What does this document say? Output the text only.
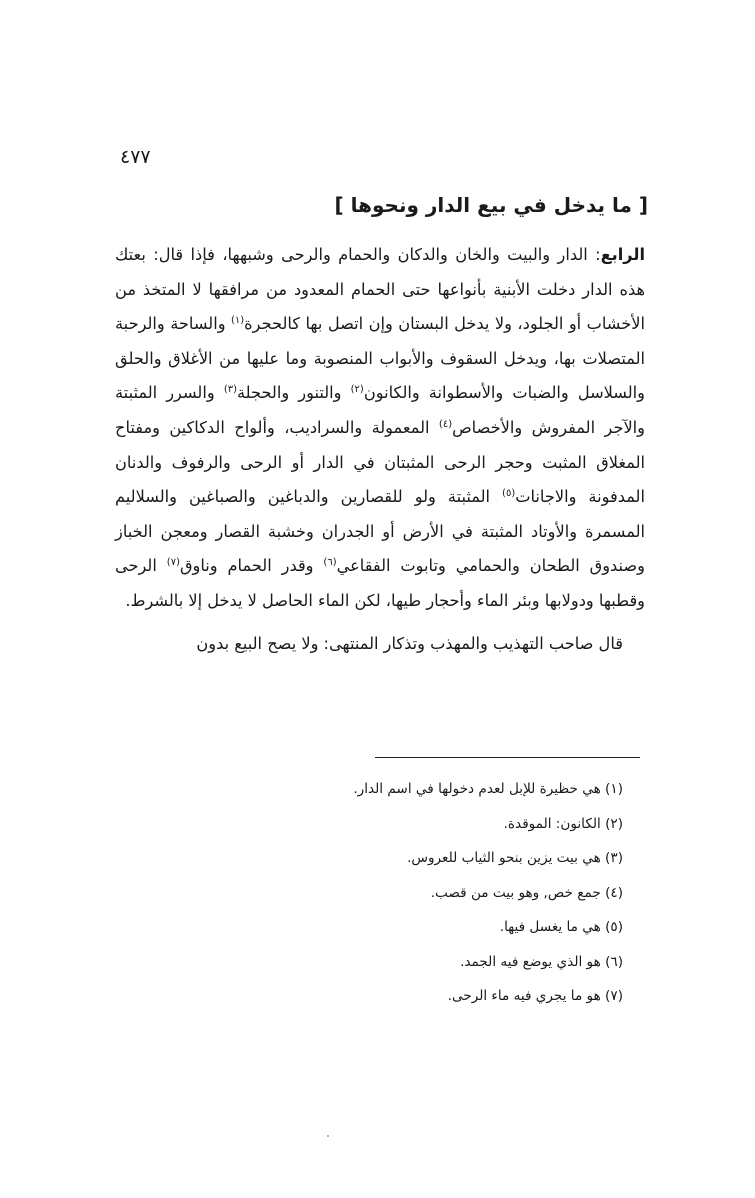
٤٧٧
[ ما يدخل في بيع الدار ونحوها ]

الرابع: الدار والبيت والخان والدكان والحمام والرحى وشبهها، فإذا قال: بعتك هذه الدار دخلت الأبنية بأنواعها حتى الحمام المعدود من مرافقها لا المتخذ من الأخشاب أو الجلود، ولا يدخل البستان وإن اتصل بها كالحجرة$^{(١)}$ والساحة والرحبة المتصلات بها، ويدخل السقوف والأبواب المنصوبة وما عليها من الأغلاق والحلق والسلاسل والضبات والأسطوانة والكانون$^{(٢)}$ والتنور والحجلة$^{(٣)}$ والسرر المثبتة والآجر المفروش والأخصاص$^{(٤)}$ المعمولة والسراديب، وألواح الدكاكين ومفتاح المغلاق المثبت وحجر الرحى المثبتان في الدار أو الرحى والرفوف والدنان المدفونة والاجانات$^{(٥)}$ المثبتة ولو للقصارين والدباغين والصباغين والسلاليم المسمرة والأوتاد المثبتة في الأرض أو الجدران وخشبة القصار ومعجن الخباز وصندوق الطحان والحمامي وتابوت الفقاعي$^{(٦)}$ وقدر الحمام وناوق$^{(٧)}$ الرحى وقطبها ودولابها وبئر الماء وأحجار طيها، لكن الماء الحاصل لا يدخل إلا بالشرط.

قال صاحب التهذيب والمهذب وتذكار المنتهى: ولا يصح البيع بدون

(١) هي حظيرة للإبل لعدم دخولها في اسم الدار.
(٢) الكانون: الموقدة.
(٣) هي بيت يزين بنحو الثياب للعروس.
(٤) جمع خص, وهو بيت من قصب.
(٥) هي ما يغسل فيها.
(٦) هو الذي يوضع فيه الجمد.
(٧) هو ما يجري فيه ماء الرحى.
